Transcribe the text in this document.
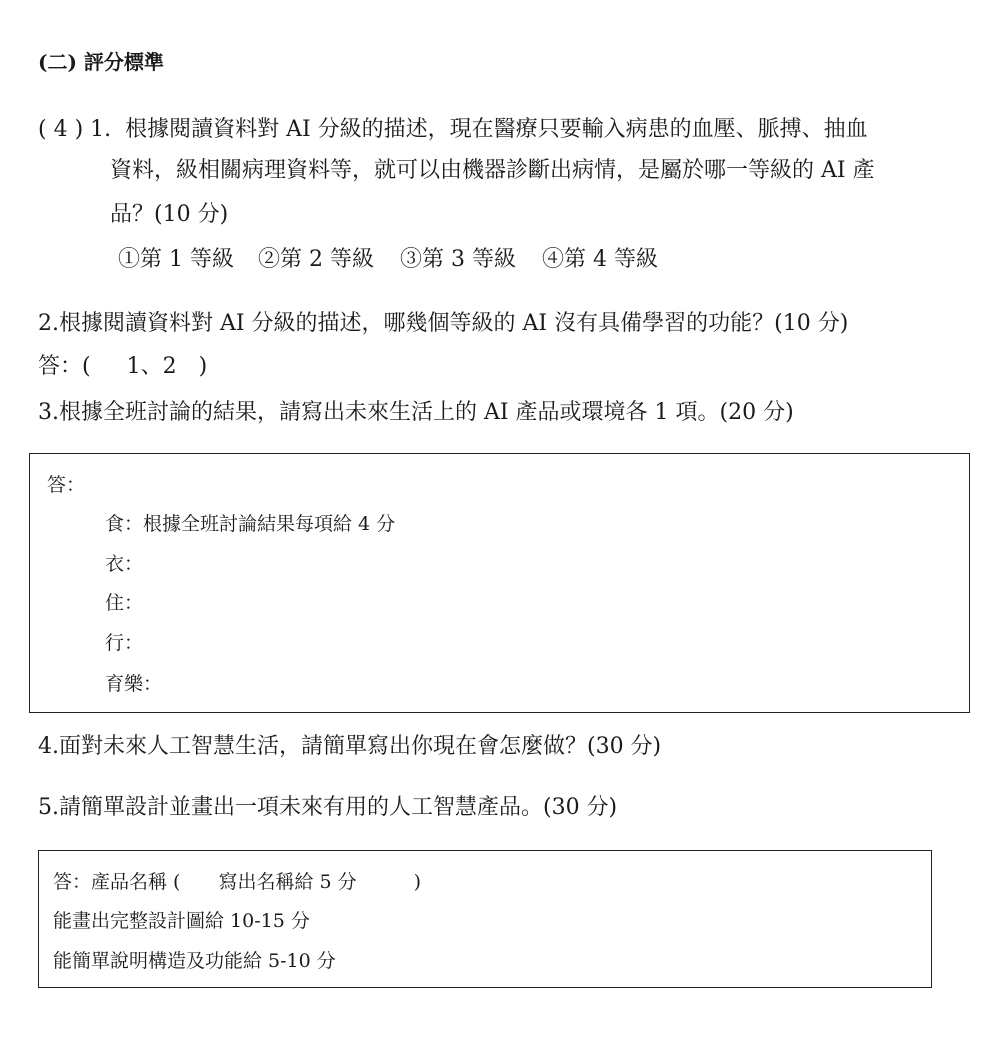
(二) 評分標準
( 4 ) 1.  根據閱讀資料對 AI 分級的描述，現在醫療只要輸入病患的血壓、脈搏、抽血
資料，級相關病理資料等，就可以由機器診斷出病情，是屬於哪一等級的 AI 產
品？(10 分)
①第 1 等級 ②第 2 等級 ③第 3 等級 ④第 4 等級
2.根據閱讀資料對 AI 分級的描述，哪幾個等級的 AI 沒有具備學習的功能？(10 分)
答：(　  1、2　)
3.根據全班討論的結果，請寫出未來生活上的 AI 產品或環境各 1 項。(20 分)
答：
食：根據全班討論結果每項給 4 分
衣：
住：
行：
育樂：
4.面對未來人工智慧生活，請簡單寫出你現在會怎麼做？(30 分)
5.請簡單設計並畫出一項未來有用的人工智慧產品。(30 分)
答：產品名稱 (　　寫出名稱給 5 分　　　)
能畫出完整設計圖給 10-15 分
能簡單說明構造及功能給 5-10 分
